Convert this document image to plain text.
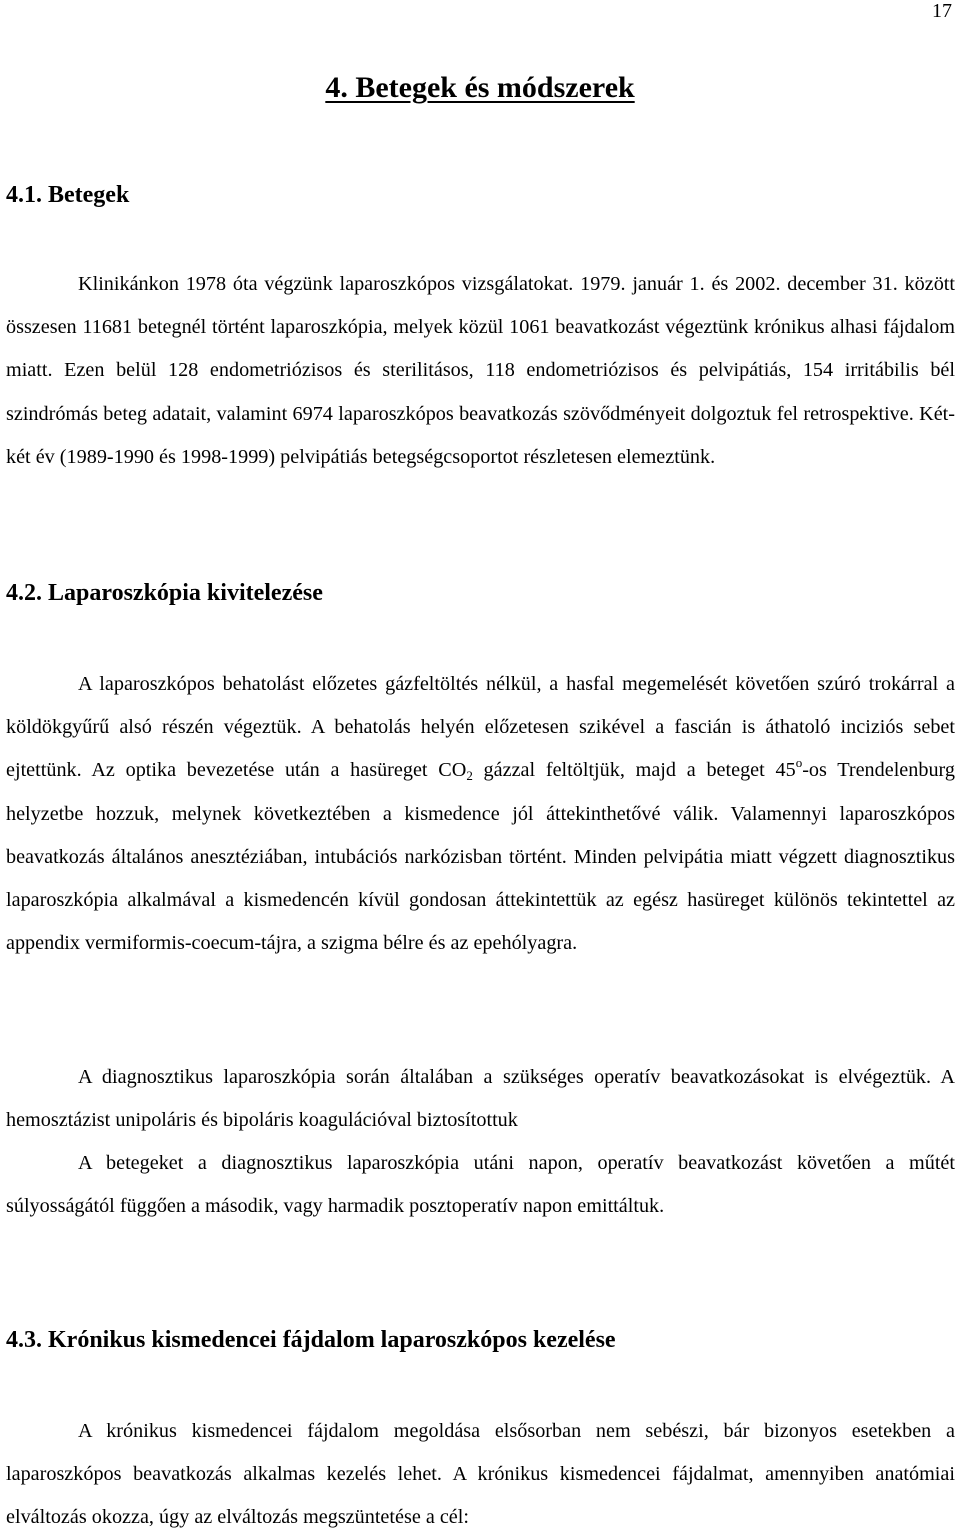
17
4. Betegek és módszerek
4.1. Betegek

Klinikánkon 1978 óta végzünk laparoszkópos vizsgálatokat. 1979. január 1. és 2002. december 31. között összesen 11681 betegnél történt laparoszkópia, melyek közül 1061 beavatkozást végeztünk krónikus alhasi fájdalom miatt. Ezen belül 128 endometriózisos és sterilitásos, 118 endometriózisos és pelvipátiás, 154 irritábilis bél szindrómás beteg adatait, valamint 6974 laparoszkópos beavatkozás szövődményeit dolgoztuk fel retrospektive. Két-két év (1989-1990 és 1998-1999) pelvipátiás betegségcsoportot részletesen elemeztünk.

4.2. Laparoszkópia kivitelezése

A laparoszkópos behatolást előzetes gázfeltöltés nélkül, a hasfal megemelését követően szúró trokárral a köldökgyűrű alsó részén végeztük. A behatolás helyén előzetesen szikével a fascián is áthatoló inciziós sebet ejtettünk. Az optika bevezetése után a hasüreget $CO_2$ gázzal feltöltjük, majd a beteget 45$^o$-os Trendelenburg helyzetbe hozzuk, melynek következtében a kismedence jól áttekinthetővé válik. Valamennyi laparoszkópos beavatkozás általános anesztéziában, intubációs narkózisban történt. Minden pelvipátia miatt végzett diagnosztikus laparoszkópia alkalmával a kismedencén kívül gondosan áttekintettük az egész hasüreget különös tekintettel az appendix vermiformis-coecum-tájra, a szigma bélre és az epehólyagra.

A diagnosztikus laparoszkópia során általában a szükséges operatív beavatkozásokat is elvégeztük. A hemosztázist unipoláris és bipoláris koagulációval biztosítottuk

A betegeket a diagnosztikus laparoszkópia utáni napon, operatív beavatkozást követően a műtét súlyosságától függően a második, vagy harmadik posztoperatív napon emittáltuk.

4.3. Krónikus kismedencei fájdalom laparoszkópos kezelése

A krónikus kismedencei fájdalom megoldása elsősorban nem sebészi, bár bizonyos esetekben a laparoszkópos beavatkozás alkalmas kezelés lehet. A krónikus kismedencei fájdalmat, amennyiben anatómiai elváltozás okozza, úgy az elváltozás megszüntetése a cél:
